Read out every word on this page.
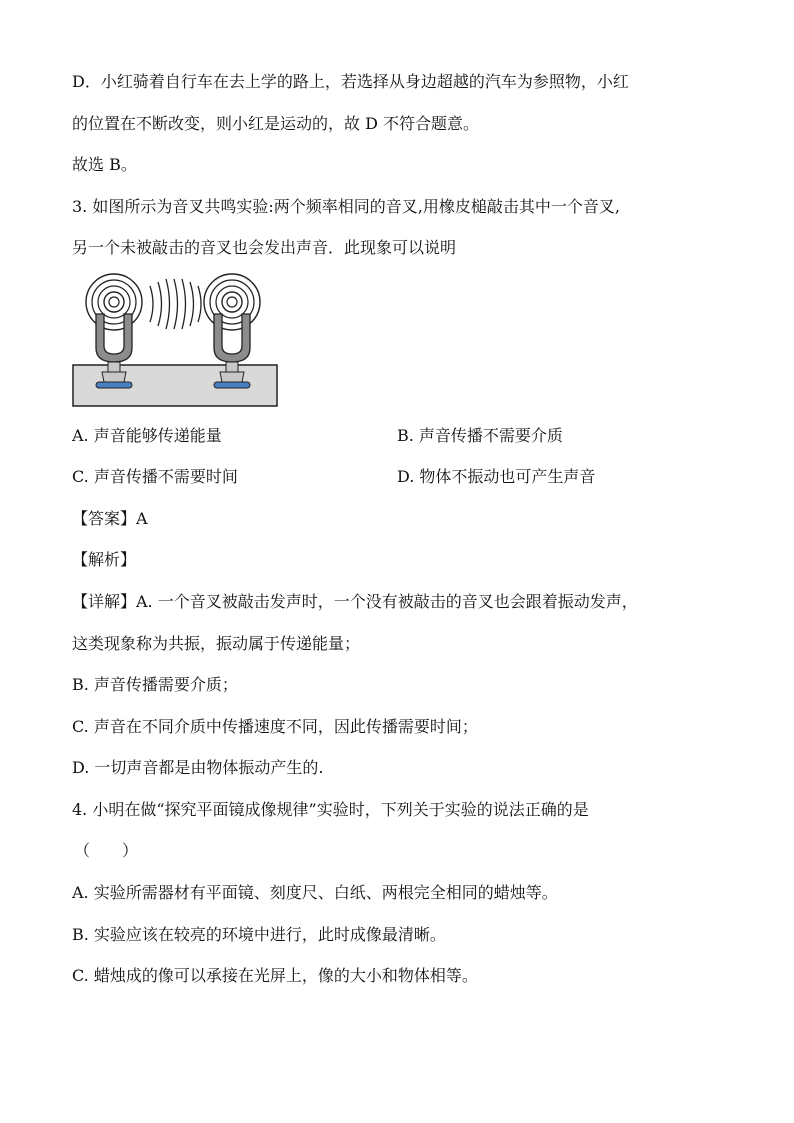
D．小红骑着自行车在去上学的路上，若选择从身边超越的汽车为参照物，小红
的位置在不断改变，则小红是运动的，故 D 不符合题意。
故选 B。
3. 如图所示为音叉共鸣实验:两个频率相同的音叉,用橡皮槌敲击其中一个音叉,
另一个未被敲击的音叉也会发出声音．此现象可以说明
A. 声音能够传递能量	B. 声音传播不需要介质
C. 声音传播不需要时间	D. 物体不振动也可产生声音
【答案】A
【解析】
【详解】A. 一个音叉被敲击发声时，一个没有被敲击的音叉也会跟着振动发声，
这类现象称为共振，振动属于传递能量；
B. 声音传播需要介质；
C. 声音在不同介质中传播速度不同，因此传播需要时间；
D. 一切声音都是由物体振动产生的.
4. 小明在做“探究平面镜成像规律”实验时，下列关于实验的说法正确的是
（　　）
A. 实验所需器材有平面镜、刻度尺、白纸、两根完全相同的蜡烛等。
B. 实验应该在较亮的环境中进行，此时成像最清晰。
C. 蜡烛成的像可以承接在光屏上，像的大小和物体相等。
